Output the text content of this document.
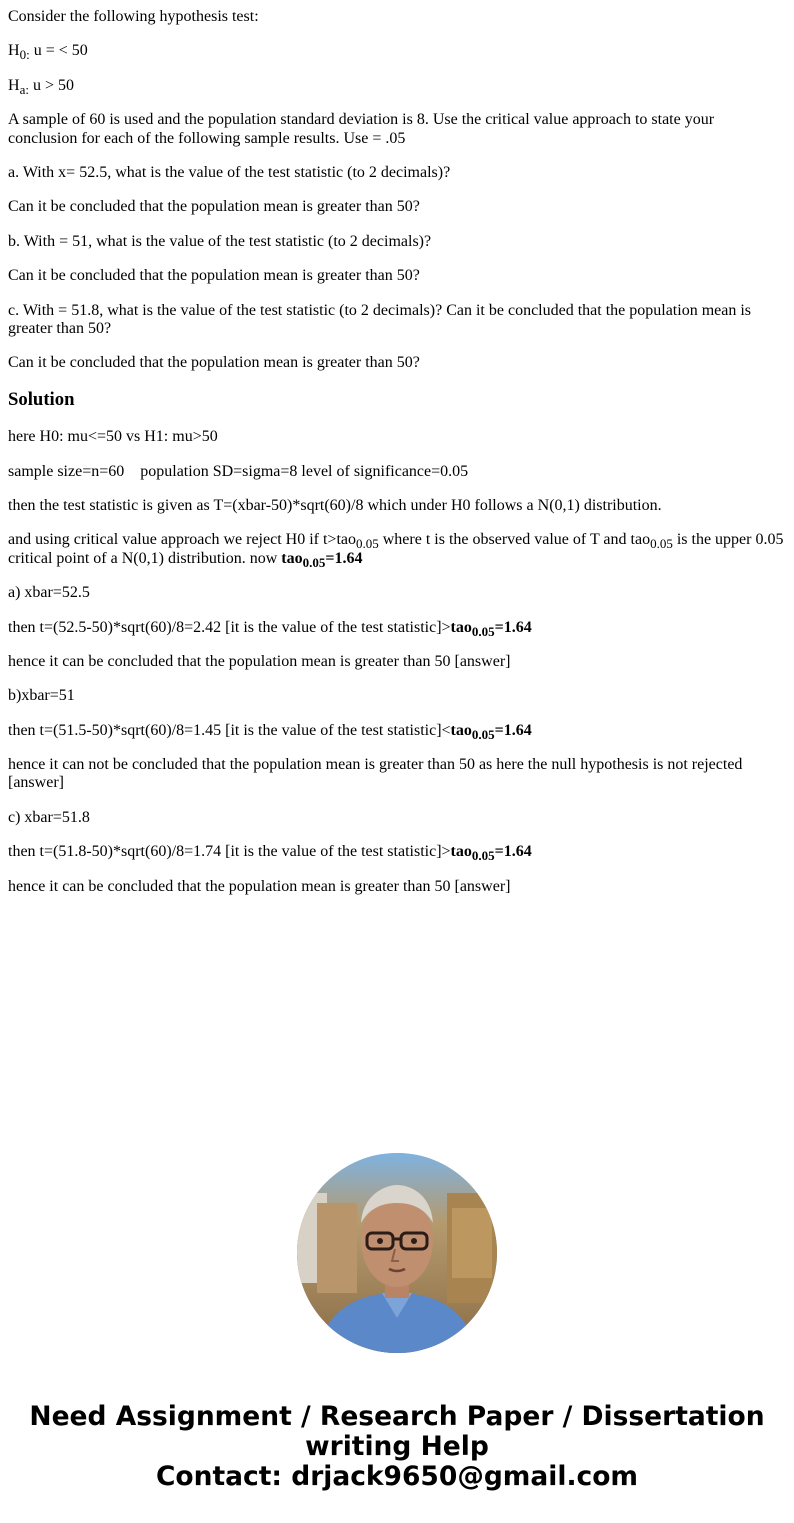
Consider the following hypothesis test:

$H_{0:}$ u = < 50

$H_{a:}$ u > 50

A sample of 60 is used and the population standard deviation is 8. Use the critical value approach to state your conclusion for each of the following sample results. Use = .05

a. With x= 52.5, what is the value of the test statistic (to 2 decimals)?

Can it be concluded that the population mean is greater than 50?

b. With = 51, what is the value of the test statistic (to 2 decimals)?

Can it be concluded that the population mean is greater than 50?

c. With = 51.8, what is the value of the test statistic (to 2 decimals)? Can it be concluded that the population mean is greater than 50?

Can it be concluded that the population mean is greater than 50?

Solution

here H0: mu<=50 vs H1: mu>50

sample size=n=60 population SD=sigma=8 level of significance=0.05

then the test statistic is given as T=(xbar-50)*sqrt(60)/8 which under H0 follows a N(0,1) distribution.

and using critical value approach we reject H0 if t>tao$_{0.05}$ where t is the observed value of T and tao$_{0.05}$ is the upper 0.05 critical point of a N(0,1) distribution. now tao$_{0.05}$=1.64

a) xbar=52.5

then t=(52.5-50)*sqrt(60)/8=2.42 [it is the value of the test statistic]>tao$_{0.05}$=1.64

hence it can be concluded that the population mean is greater than 50 [answer]

b)xbar=51

then t=(51.5-50)*sqrt(60)/8=1.45 [it is the value of the test statistic]<tao$_{0.05}$=1.64

hence it can not be concluded that the population mean is greater than 50 as here the null hypothesis is not rejected [answer]

c) xbar=51.8

then t=(51.8-50)*sqrt(60)/8=1.74 [it is the value of the test statistic]>tao$_{0.05}$=1.64

hence it can be concluded that the population mean is greater than 50 [answer]

Need Assignment / Research Paper / Dissertation
writing Help
Contact: drjack9650@gmail.com
